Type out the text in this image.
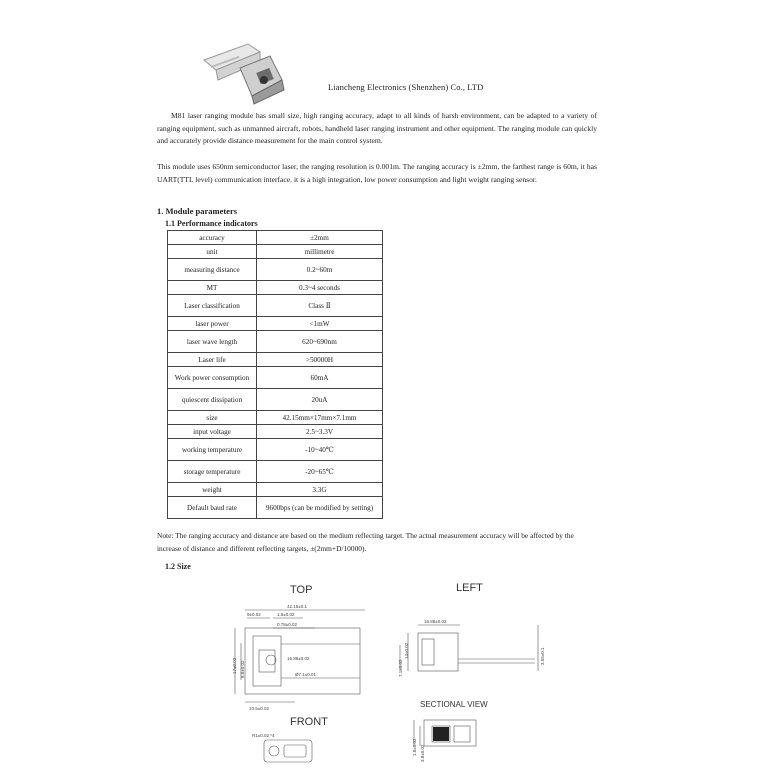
Liancheng Electronics (Shenzhen) Co., LTD
M81 laser ranging module has small size, high ranging accuracy, adapt to all kinds of harsh environment, can be adapted to a variety of ranging equipment, such as unmanned aircraft, robots, handheld laser ranging instrument and other equipment. The ranging module can quickly and accurately provide distance measurement for the main control system.
This module uses 650nm semiconductor laser, the ranging resolution is 0.001m. The ranging accuracy is ±2mm, the farthest range is 60m, it has UART(TTL level) communication interface. it is a high integration, low power consumption and light weight ranging sensor.
1. Module parameters
1.1 Performance indicators
accuracy	±2mm
unit	millimetre
measuring distance	0.2~60m
MT	0.3~4 seconds
Laser classification	Class Ⅱ
laser power	<1mW
laser wave length	620~690nm
Laser life	>50000H
Work power consumption	60mA
quiescent dissipation	20uA
size	42.15mm×17mm×7.1mm
input voltage	2.5~3.3V
working temperature	-10~40℃
storage temperature	-20~65℃
weight	3.3G
Default baud rate	9600bps (can be modified by setting)
Note: The ranging accuracy and distance are based on the medium reflecting target. The actual measurement accuracy will be affected by the increase of distance and different reflecting targets, ±(2mm+D/10000).
1.2 Size
TOP	LEFT
FRONT
SECTIONAL VIEW
42.15±0.1
9±0.02	1.6±0.02
0.78±0.02
16.86±0.02
Ø7.1±0.01
17±0.02 8.8±0.02
10.5±0.02
16.88±0.02
14±0.02
7.1±0.02
3.55±0.1
R1±0.02 *4
1.8±0.02 3.8±0.02
